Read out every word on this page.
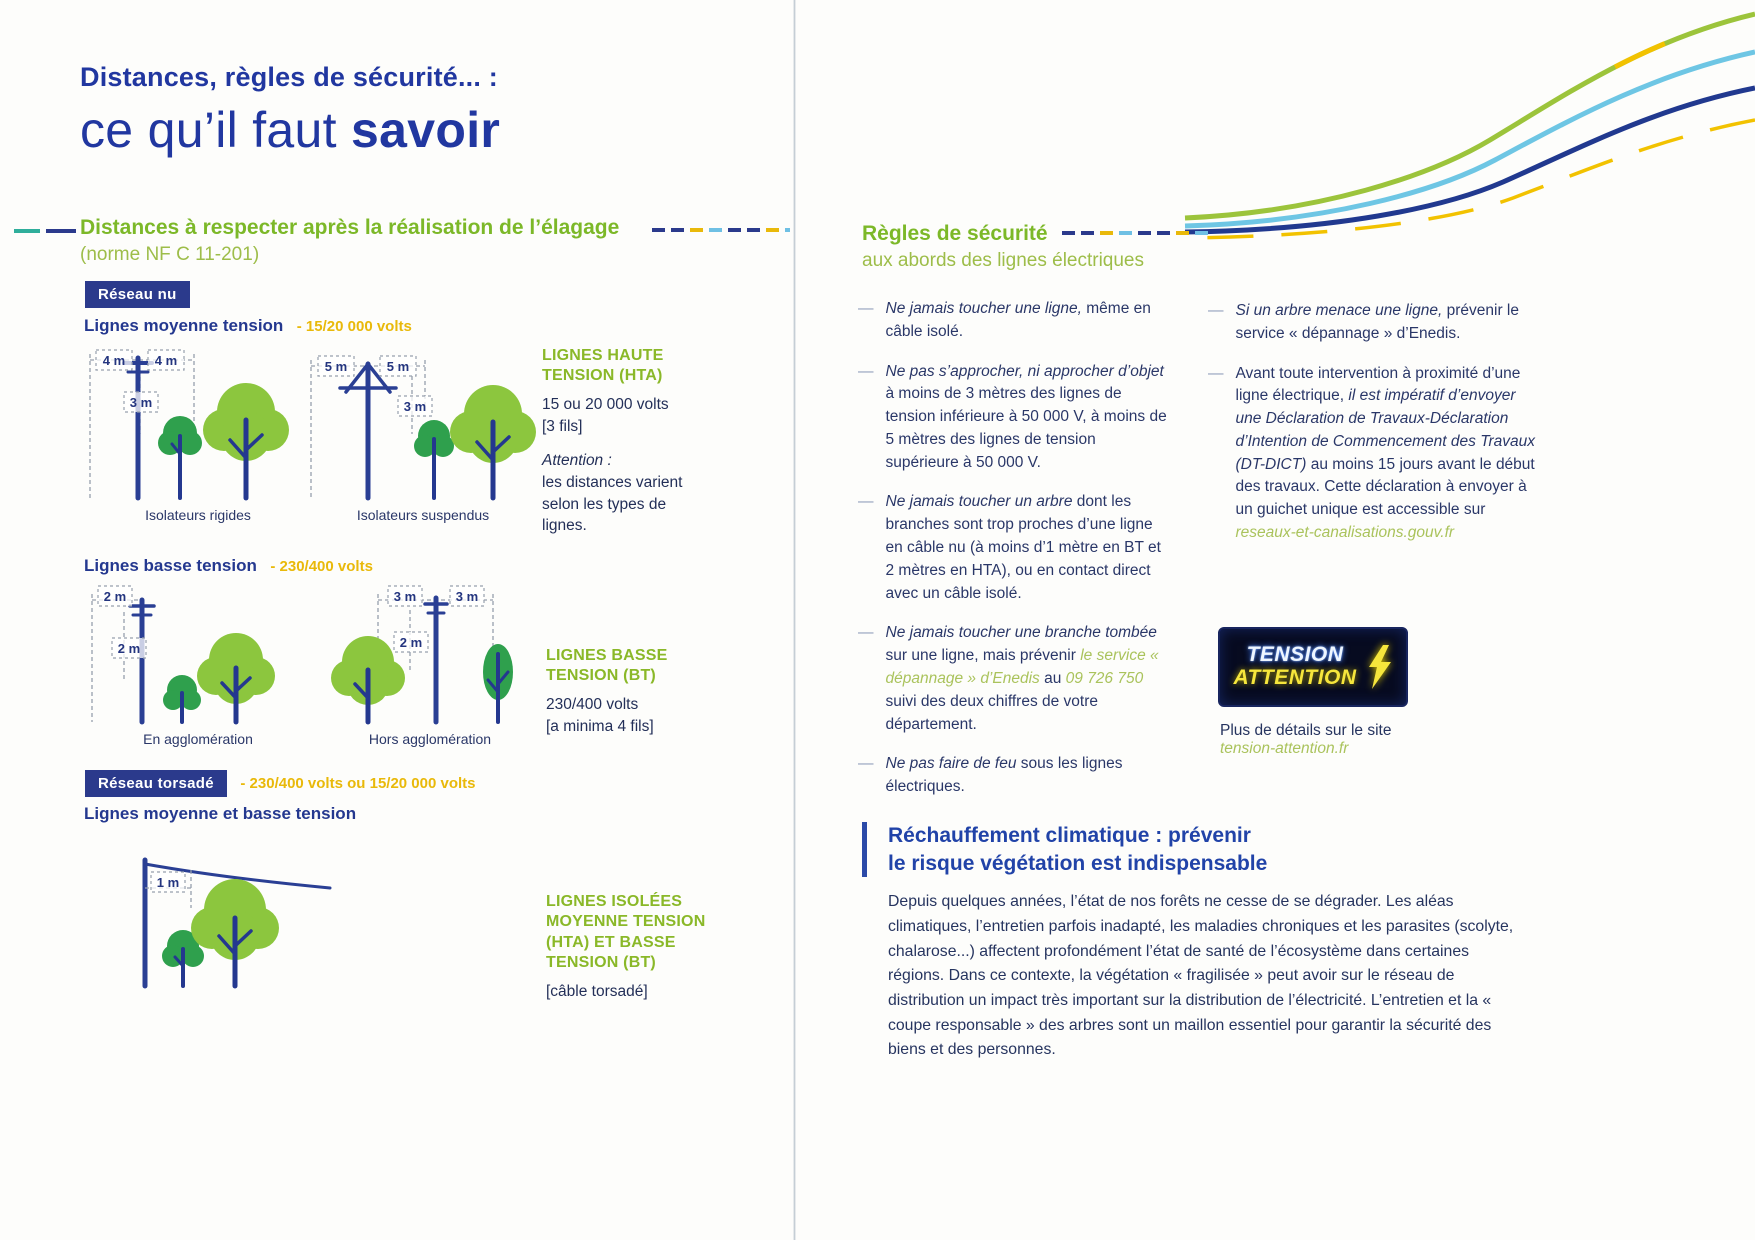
Distances, règles de sécurité... :
ce qu’il faut savoir
Distances à respecter après la réalisation de l’élagage
(norme NF C 11-201)
Réseau nu
Lignes moyenne tension - 15/20 000 volts
4 m 4 m
3 m
5 m	5 m
3 m
Isolateurs rigides	Isolateurs suspendus
LIGNES HAUTE TENSION (HTA)
15 ou 20 000 volts
[3 fils]
Attention :
les distances varient selon les types de lignes.
Lignes basse tension - 230/400 volts
2 m
2 m
3 m	3 m
2 m
En agglomération	Hors agglomération
LIGNES BASSE TENSION (BT)
230/400 volts
[a minima 4 fils]
Réseau torsadé - 230/400 volts ou 15/20 000 volts
Lignes moyenne et basse tension
1 m
LIGNES ISOLÉES MOYENNE TENSION (HTA) ET BASSE TENSION (BT)
[câble torsadé]
Règles de sécurité
aux abords des lignes électriques
— Ne jamais toucher une ligne, même en câble isolé.

— Ne pas s’approcher, ni approcher d’objet à moins de 3 mètres des lignes de tension inférieure à 50 000 V, à moins de 5 mètres des lignes de tension supérieure à 50 000 V.

— Ne jamais toucher un arbre dont les branches sont trop proches d’une ligne en câble nu (à moins d’1 mètre en BT et 2 mètres en HTA), ou en contact direct avec un câble isolé.

— Ne jamais toucher une branche tombée sur une ligne, mais prévenir le service « dépannage » d’Enedis au 09 726 750 suivi des deux chiffres de votre département.

— Ne pas faire de feu sous les lignes électriques.

— Si un arbre menace une ligne, prévenir le service « dépannage » d’Enedis.

— Avant toute intervention à proximité d’une ligne électrique, il est impératif d’envoyer une Déclaration de Travaux-Déclaration d’Intention de Commencement des Travaux (DT-DICT) au moins 15 jours avant le début des travaux. Cette déclaration à envoyer à un guichet unique est accessible sur reseaux-et-canalisations.gouv.fr

TENSION
ATTENTION
Plus de détails sur le site
tension-attention.fr
Réchauffement climatique : prévenir
le risque végétation est indispensable
Depuis quelques années, l’état de nos forêts ne cesse de se dégrader. Les aléas climatiques, l’entretien parfois inadapté, les maladies chroniques et les parasites (scolyte, chalarose...) affectent profondément l’état de santé de l’écosystème dans certaines régions. Dans ce contexte, la végétation « fragilisée » peut avoir sur le réseau de distribution un impact très important sur la distribution de l’électricité. L’entretien et la « coupe responsable » des arbres sont un maillon essentiel pour garantir la sécurité des biens et des personnes.
